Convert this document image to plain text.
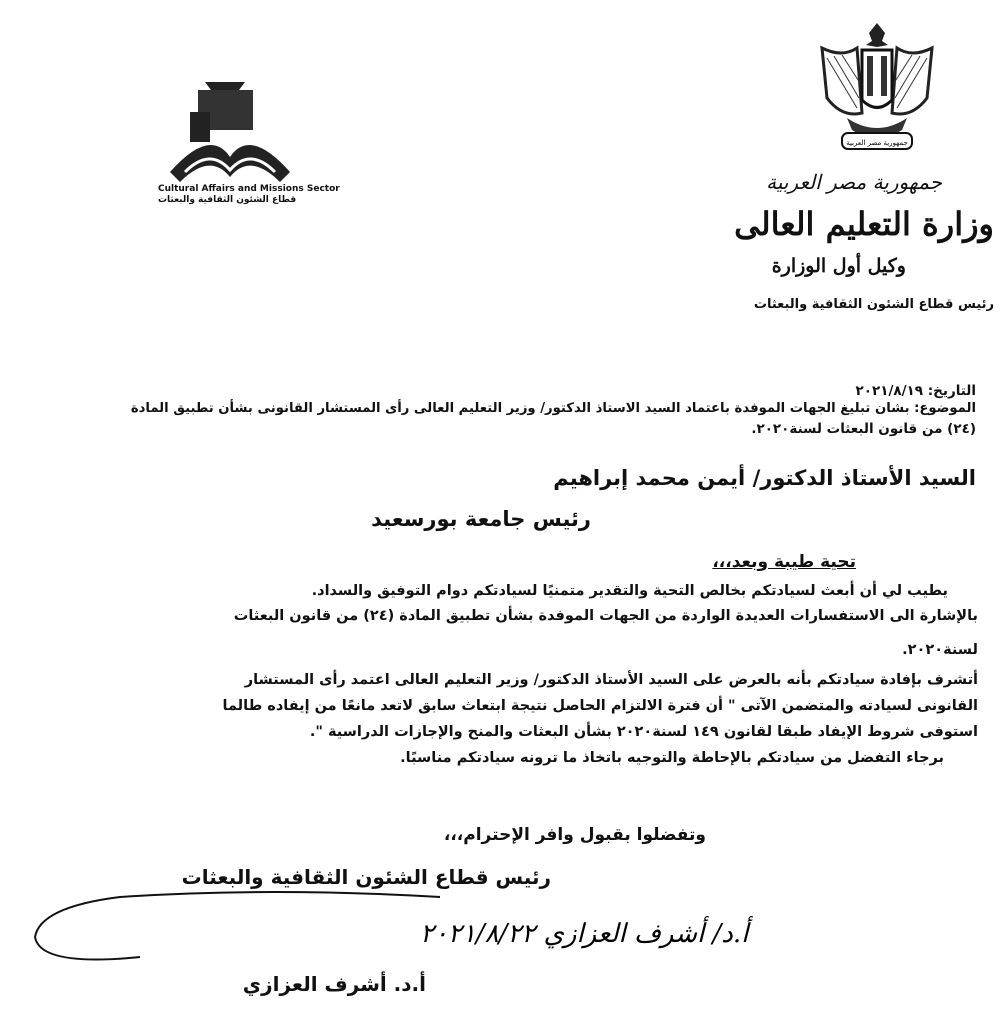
جمهورية مصر العربية
Cultural Affairs and Missions Sector
قطاع الشئون الثقافية والبعثات
جمهورية مصر العربية
وزارة التعليم العالى
وكيل أول الوزارة
رئيس قطاع الشئون الثقافية والبعثات
التاريخ: ٢٠٢١/٨/١٩
الموضوع: بشان تبليغ الجهات الموفدة باعتماد السيد الاستاذ الدكتور/ وزير التعليم العالى رأى المستشار القانونى بشأن تطبيق المادة
(٢٤) من قانون البعثات لسنة٢٠٢٠.
السيد الأستاذ الدكتور/ أيمن محمد إبراهيم
رئيس جامعة بورسعيد
تحية طيبة وبعد،،،
يطيب لي أن أبعث لسيادتكم بخالص التحية والتقدير متمنيًا لسيادتكم دوام التوفيق والسداد.
بالإشارة الى الاستفسارات العديدة الواردة من الجهات الموفدة بشأن تطبيق المادة (٢٤) من قانون البعثات
لسنة٢٠٢٠.
أتشرف بإفادة سيادتكم بأنه بالعرض على السيد الأستاذ الدكتور/ وزير التعليم العالى اعتمد رأى المستشار
القانونى لسيادته والمتضمن الآتى " أن فترة الالتزام الحاصل نتيجة ابتعاث سابق لاتعد مانعًا من إيفاده طالما
استوفى شروط الإيفاد طبقا لقانون ١٤٩ لسنة٢٠٢٠ بشأن البعثات والمنح والإجازات الدراسية ".
برجاء التفضل من سيادتكم بالإحاطة والتوجيه باتخاذ ما ترونه سيادتكم مناسبًا.
وتفضلوا بقبول وافر الإحترام،،،
رئيس قطاع الشئون الثقافية والبعثات
أ.د/ أشرف العزازي ٢٠٢١/٨/٢٢
أ.د. أشرف العزازي
